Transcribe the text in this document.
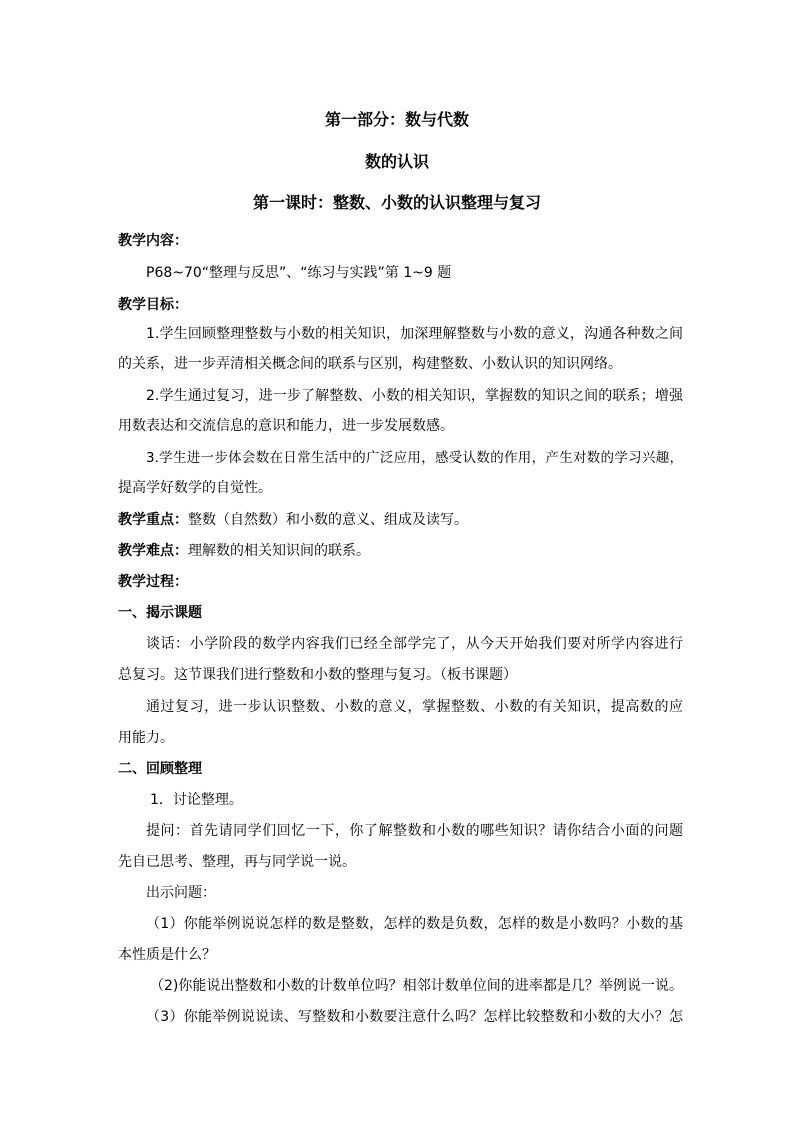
第一部分：数与代数
数的认识
第一课时：整数、小数的认识整理与复习
教学内容：
P68~70“整理与反思”、“练习与实践”第 1~9 题
教学目标：
1.学生回顾整理整数与小数的相关知识，加深理解整数与小数的意义，沟通各种数之间
的关系，进一步弄清相关概念间的联系与区别，构建整数、小数认识的知识网络。
2.学生通过复习，进一步了解整数、小数的相关知识，掌握数的知识之间的联系；增强
用数表达和交流信息的意识和能力，进一步发展数感。
3.学生进一步体会数在日常生活中的广泛应用，感受认数的作用，产生对数的学习兴趣，
提高学好数学的自觉性。
教学重点：整数（自然数）和小数的意义、组成及读写。
教学难点：理解数的相关知识间的联系。
教学过程：
一、揭示课题
谈话：小学阶段的数学内容我们已经全部学完了，从今天开始我们要对所学内容进行
总复习。这节课我们进行整数和小数的整理与复习。（板书课题）
通过复习，进一步认识整数、小数的意义，掌握整数、小数的有关知识，提高数的应
用能力。
二、回顾整理
1．讨论整理。
提问：首先请同学们回忆一下，你了解整数和小数的哪些知识？请你结合小面的问题
先自已思考、整理，再与同学说一说。
出示问题：
（1）你能举例说说怎样的数是整数，怎样的数是负数，怎样的数是小数吗？小数的基
本性质是什么？
（2)你能说出整数和小数的计数单位吗？相邻计数单位间的进率都是几？举例说一说。
（3）你能举例说说读、写整数和小数要注意什么吗？怎样比较整数和小数的大小？怎
